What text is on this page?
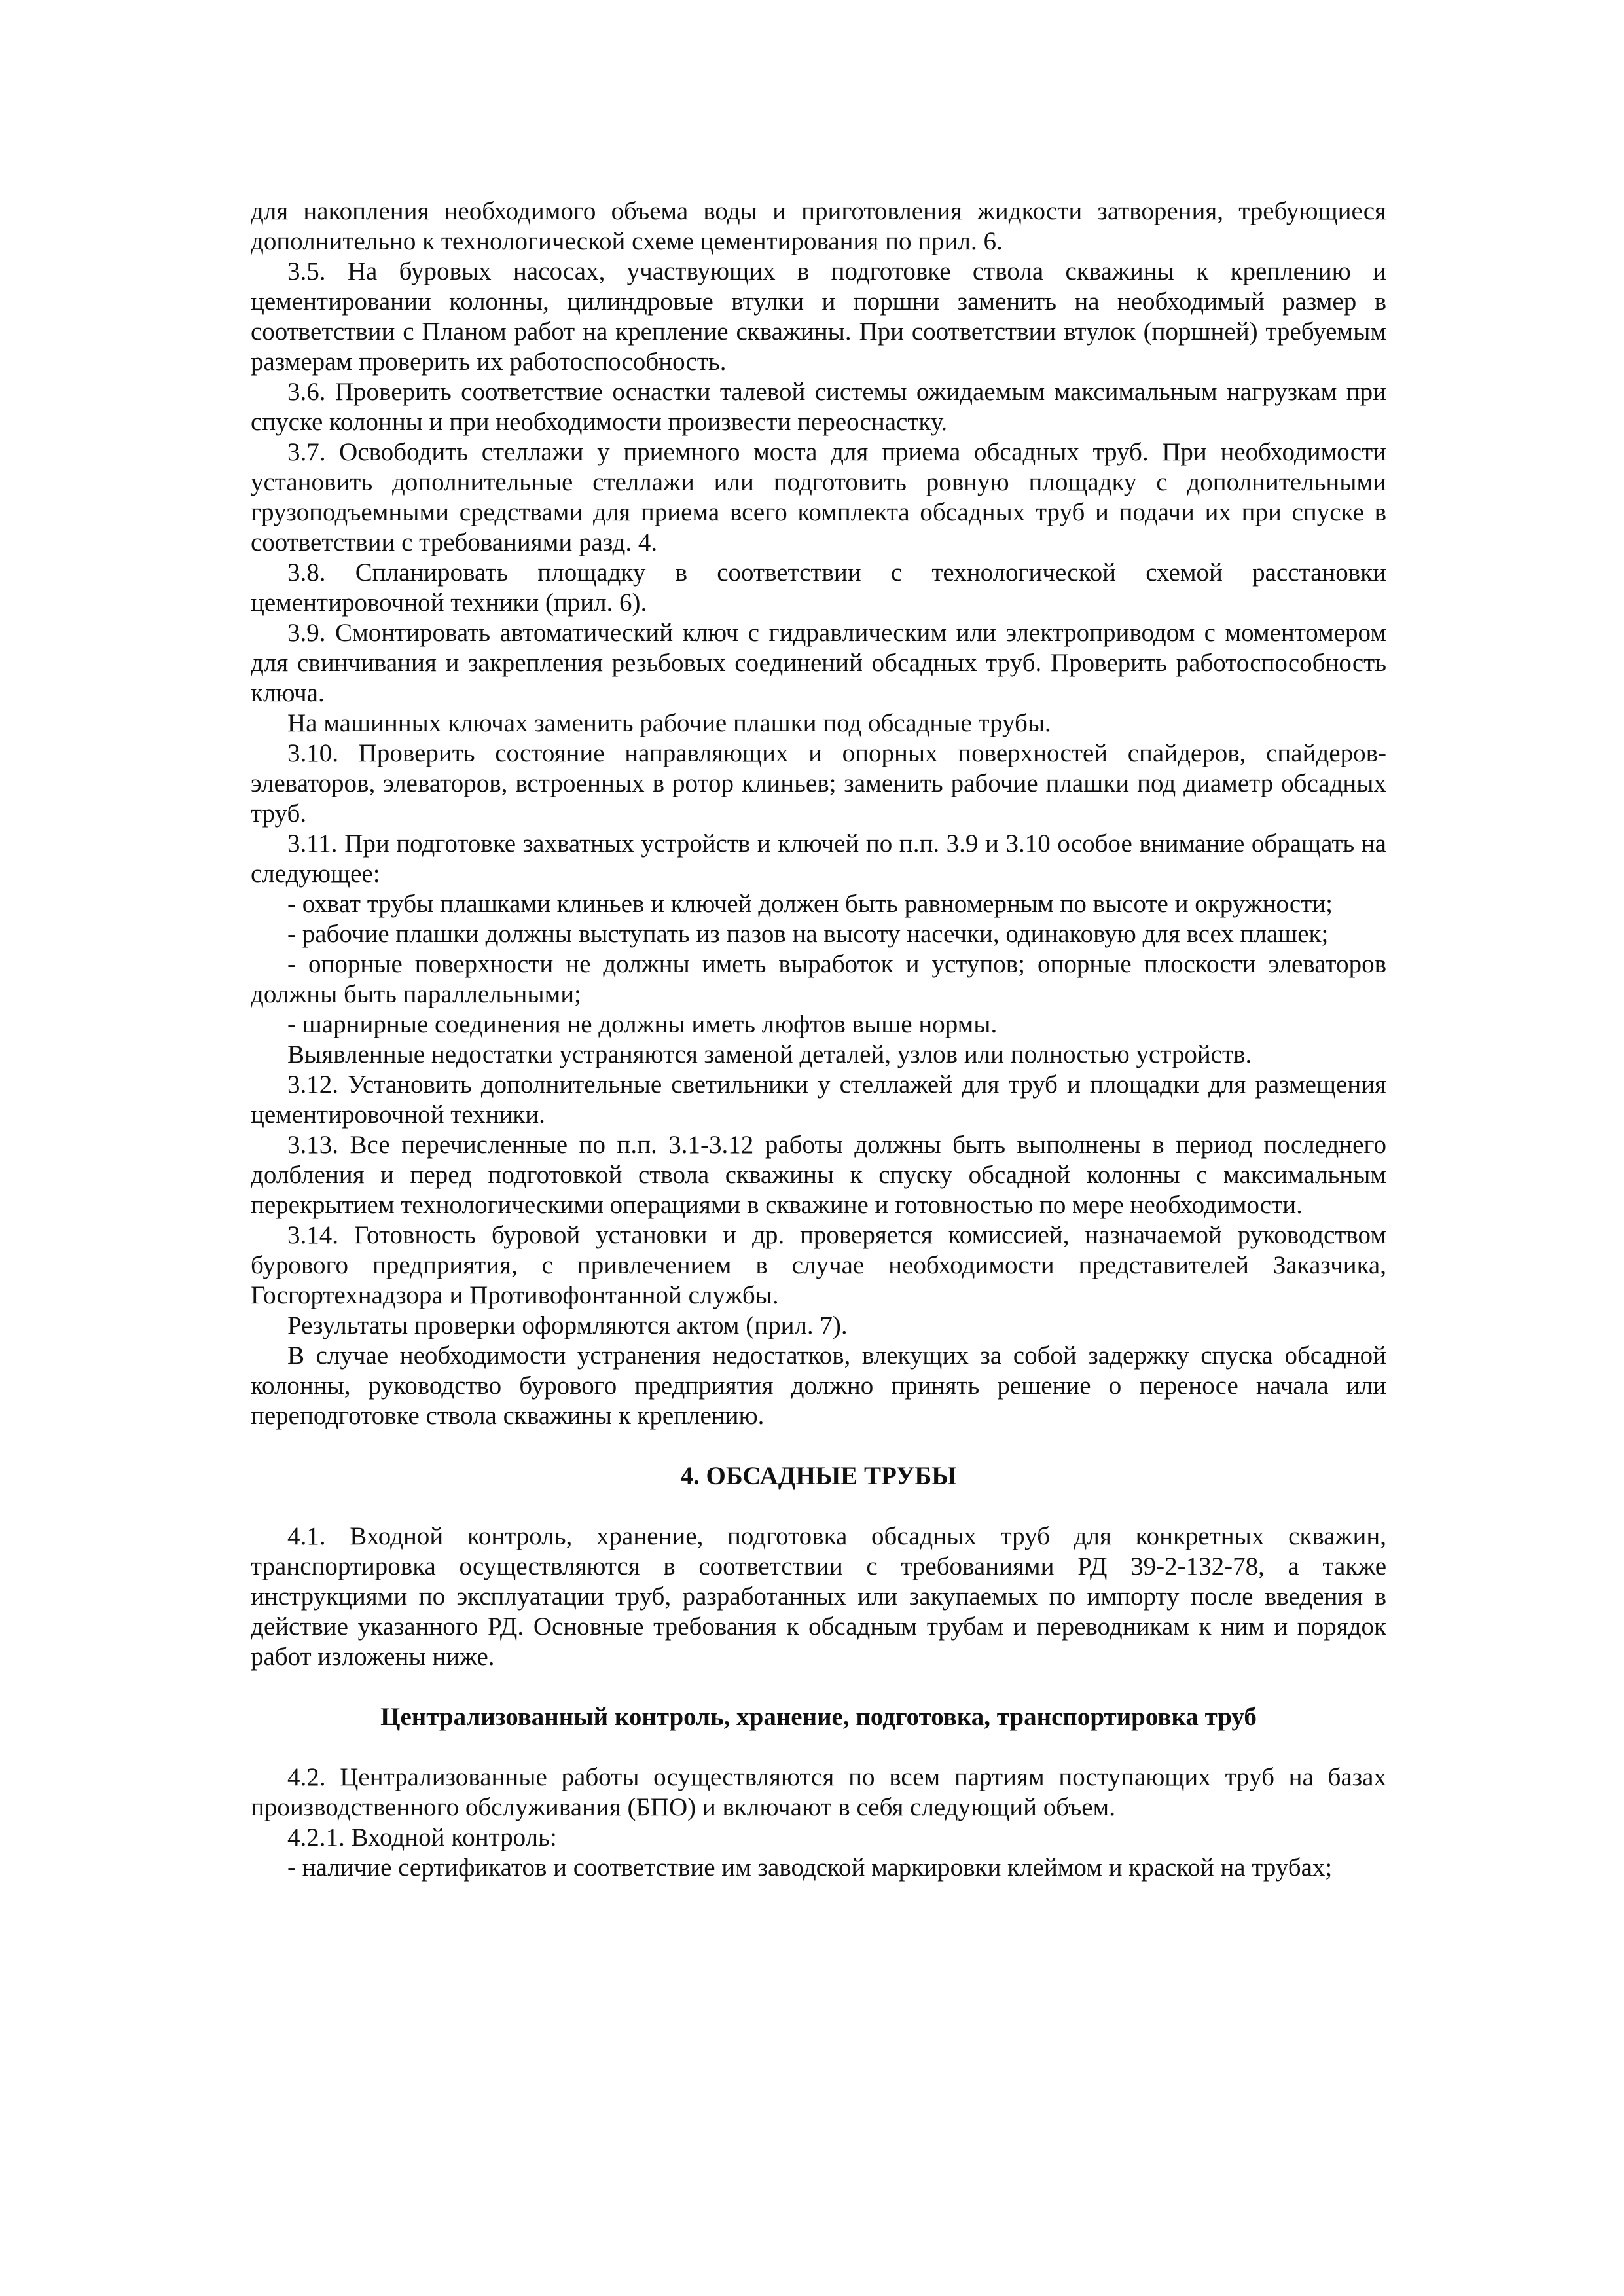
для накопления необходимого объема воды и приготовления жидкости затворения, требующиеся дополнительно к технологической схеме цементирования по прил. 6.

3.5. На буровых насосах, участвующих в подготовке ствола скважины к креплению и цементировании колонны, цилиндровые втулки и поршни заменить на необходимый размер в соответствии с Планом работ на крепление скважины. При соответствии втулок (поршней) требуемым размерам проверить их работоспособность.

3.6. Проверить соответствие оснастки талевой системы ожидаемым максимальным нагрузкам при спуске колонны и при необходимости произвести переоснастку.

3.7. Освободить стеллажи у приемного моста для приема обсадных труб. При необходимости установить дополнительные стеллажи или подготовить ровную площадку с дополнительными грузоподъемными средствами для приема всего комплекта обсадных труб и подачи их при спуске в соответствии с требованиями разд. 4.

3.8. Спланировать площадку в соответствии с технологической схемой расстановки цементировочной техники (прил. 6).

3.9. Смонтировать автоматический ключ с гидравлическим или электроприводом с моментомером для свинчивания и закрепления резьбовых соединений обсадных труб. Проверить работоспособность ключа.

На машинных ключах заменить рабочие плашки под обсадные трубы.

3.10. Проверить состояние направляющих и опорных поверхностей спайдеров, спайдеров-элеваторов, элеваторов, встроенных в ротор клиньев; заменить рабочие плашки под диаметр обсадных труб.

3.11. При подготовке захватных устройств и ключей по п.п. 3.9 и 3.10 особое внимание обращать на следующее:

- охват трубы плашками клиньев и ключей должен быть равномерным по высоте и окружности;

- рабочие плашки должны выступать из пазов на высоту насечки, одинаковую для всех плашек;

- опорные поверхности не должны иметь выработок и уступов; опорные плоскости элеваторов должны быть параллельными;

- шарнирные соединения не должны иметь люфтов выше нормы.

Выявленные недостатки устраняются заменой деталей, узлов или полностью устройств.

3.12. Установить дополнительные светильники у стеллажей для труб и площадки для размещения цементировочной техники.

3.13. Все перечисленные по п.п. 3.1-3.12 работы должны быть выполнены в период последнего долбления и перед подготовкой ствола скважины к спуску обсадной колонны с максимальным перекрытием технологическими операциями в скважине и готовностью по мере необходимости.

3.14. Готовность буровой установки и др. проверяется комиссией, назначаемой руководством бурового предприятия, с привлечением в случае необходимости представителей Заказчика, Госгортехнадзора и Противофонтанной службы.

Результаты проверки оформляются актом (прил. 7).

В случае необходимости устранения недостатков, влекущих за собой задержку спуска обсадной колонны, руководство бурового предприятия должно принять решение о переносе начала или переподготовке ствола скважины к креплению.

4. ОБСАДНЫЕ ТРУБЫ

4.1. Входной контроль, хранение, подготовка обсадных труб для конкретных скважин, транспортировка осуществляются в соответствии с требованиями РД 39-2-132-78, а также инструкциями по эксплуатации труб, разработанных или закупаемых по импорту после введения в действие указанного РД. Основные требования к обсадным трубам и переводникам к ним и порядок работ изложены ниже.

Централизованный контроль, хранение, подготовка, транспортировка труб

4.2. Централизованные работы осуществляются по всем партиям поступающих труб на базах производственного обслуживания (БПО) и включают в себя следующий объем.

4.2.1. Входной контроль:

- наличие сертификатов и соответствие им заводской маркировки клеймом и краской на трубах;
